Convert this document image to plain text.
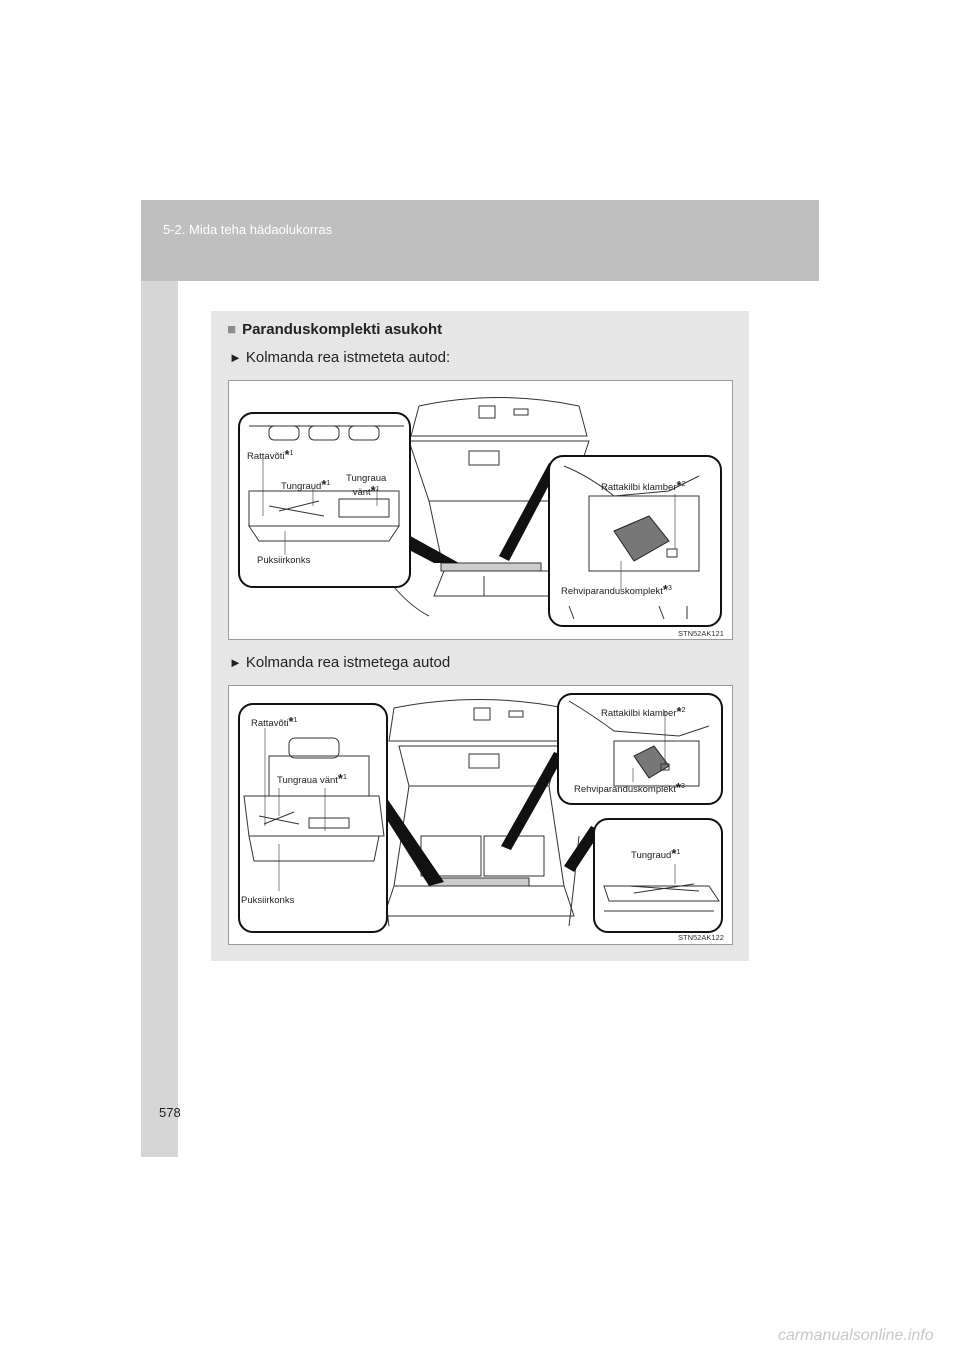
5-2. Mida teha hädaolukorras
■ Paranduskomplekti asukoht
► Kolmanda rea istmeteta autod:
Rattavõti*$^1$
Tungraud*$^1$ Tungraua
vänt*$^1$
Puksiirkonks
Rattakilbi klamber*$^2$
Rehviparanduskomplekt*$^3$
STN52AK121
► Kolmanda rea istmetega autod
Rattavõti*$^1$
Tungraua vänt*$^1$
Puksiirkonks
Rattakilbi klamber*$^2$
Rehviparanduskomplekt*$^3$
Tungraud*$^1$
STN52AK122
578
carmanualsonline.info
